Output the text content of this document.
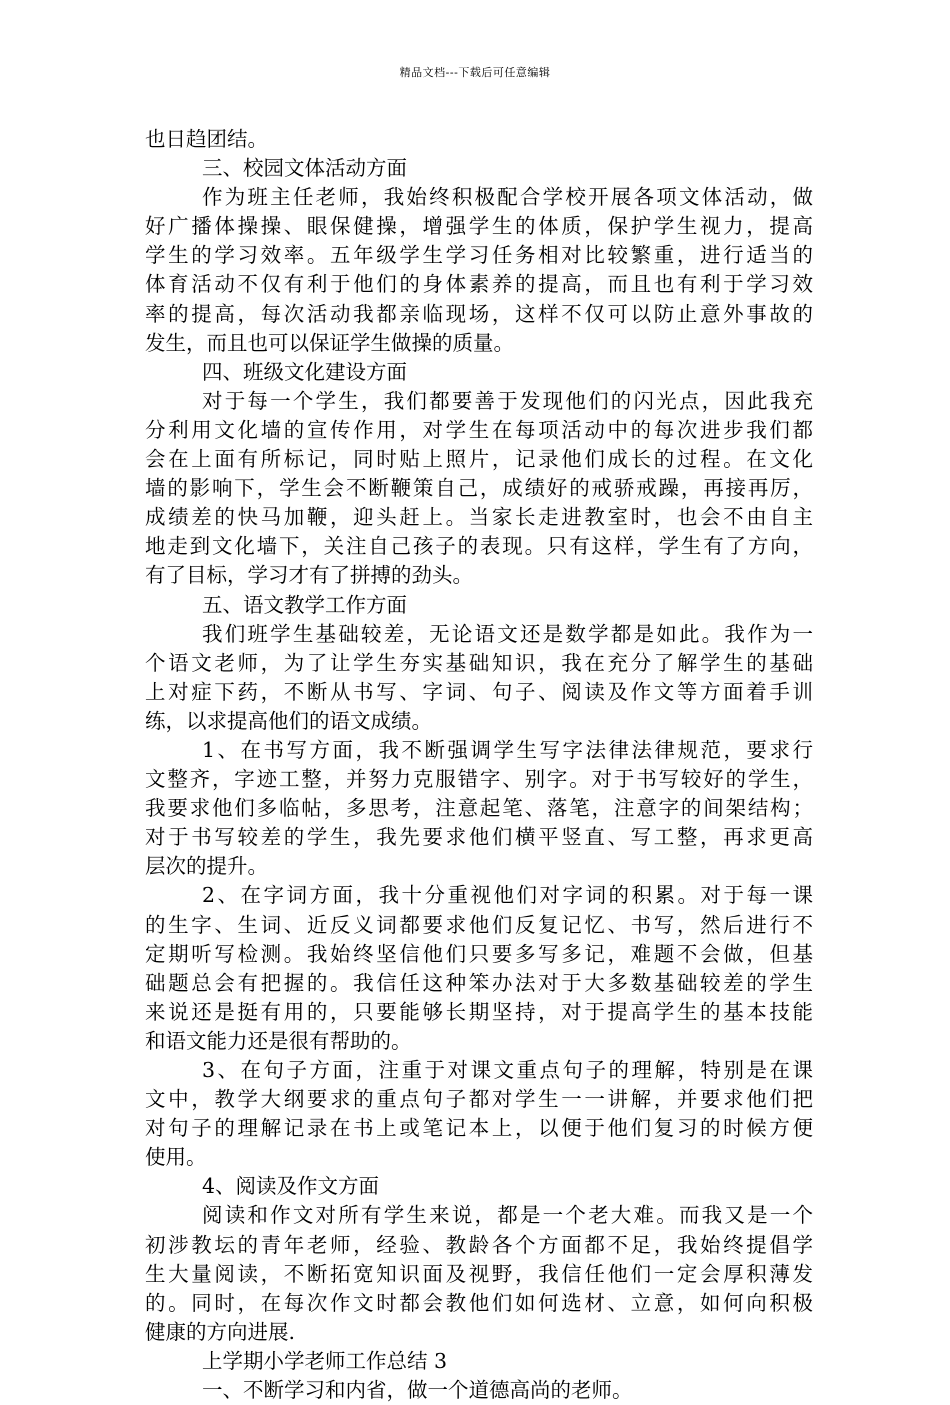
精品文档---下载后可任意编辑
也日趋团结。
三、校园文体活动方面
作为班主任老师，我始终积极配合学校开展各项文体活动，做
好广播体操操、眼保健操，增强学生的体质，保护学生视力，提高
学生的学习效率。五年级学生学习任务相对比较繁重，进行适当的
体育活动不仅有利于他们的身体素养的提高，而且也有利于学习效
率的提高，每次活动我都亲临现场，这样不仅可以防止意外事故的
发生，而且也可以保证学生做操的质量。
四、班级文化建设方面
对于每一个学生，我们都要善于发现他们的闪光点，因此我充
分利用文化墙的宣传作用，对学生在每项活动中的每次进步我们都
会在上面有所标记，同时贴上照片，记录他们成长的过程。在文化
墙的影响下，学生会不断鞭策自己，成绩好的戒骄戒躁，再接再厉，
成绩差的快马加鞭，迎头赶上。当家长走进教室时，也会不由自主
地走到文化墙下，关注自己孩子的表现。只有这样，学生有了方向，
有了目标，学习才有了拼搏的劲头。
五、语文教学工作方面
我们班学生基础较差，无论语文还是数学都是如此。我作为一
个语文老师，为了让学生夯实基础知识，我在充分了解学生的基础
上对症下药，不断从书写、字词、句子、阅读及作文等方面着手训
练，以求提高他们的语文成绩。
1、在书写方面，我不断强调学生写字法律法律规范，要求行
文整齐，字迹工整，并努力克服错字、别字。对于书写较好的学生，
我要求他们多临帖，多思考，注意起笔、落笔，注意字的间架结构；
对于书写较差的学生，我先要求他们横平竖直、写工整，再求更高
层次的提升。
2、在字词方面，我十分重视他们对字词的积累。对于每一课
的生字、生词、近反义词都要求他们反复记忆、书写，然后进行不
定期听写检测。我始终坚信他们只要多写多记，难题不会做，但基
础题总会有把握的。我信任这种笨办法对于大多数基础较差的学生
来说还是挺有用的，只要能够长期坚持，对于提高学生的基本技能
和语文能力还是很有帮助的。
3、在句子方面，注重于对课文重点句子的理解，特别是在课
文中，教学大纲要求的重点句子都对学生一一讲解，并要求他们把
对句子的理解记录在书上或笔记本上，以便于他们复习的时候方便
使用。
4、阅读及作文方面
阅读和作文对所有学生来说，都是一个老大难。而我又是一个
初涉教坛的青年老师，经验、教龄各个方面都不足，我始终提倡学
生大量阅读，不断拓宽知识面及视野，我信任他们一定会厚积薄发
的。同时，在每次作文时都会教他们如何选材、立意，如何向积极
健康的方向进展.
上学期小学老师工作总结 3
一、不断学习和内省，做一个道德高尚的老师。
